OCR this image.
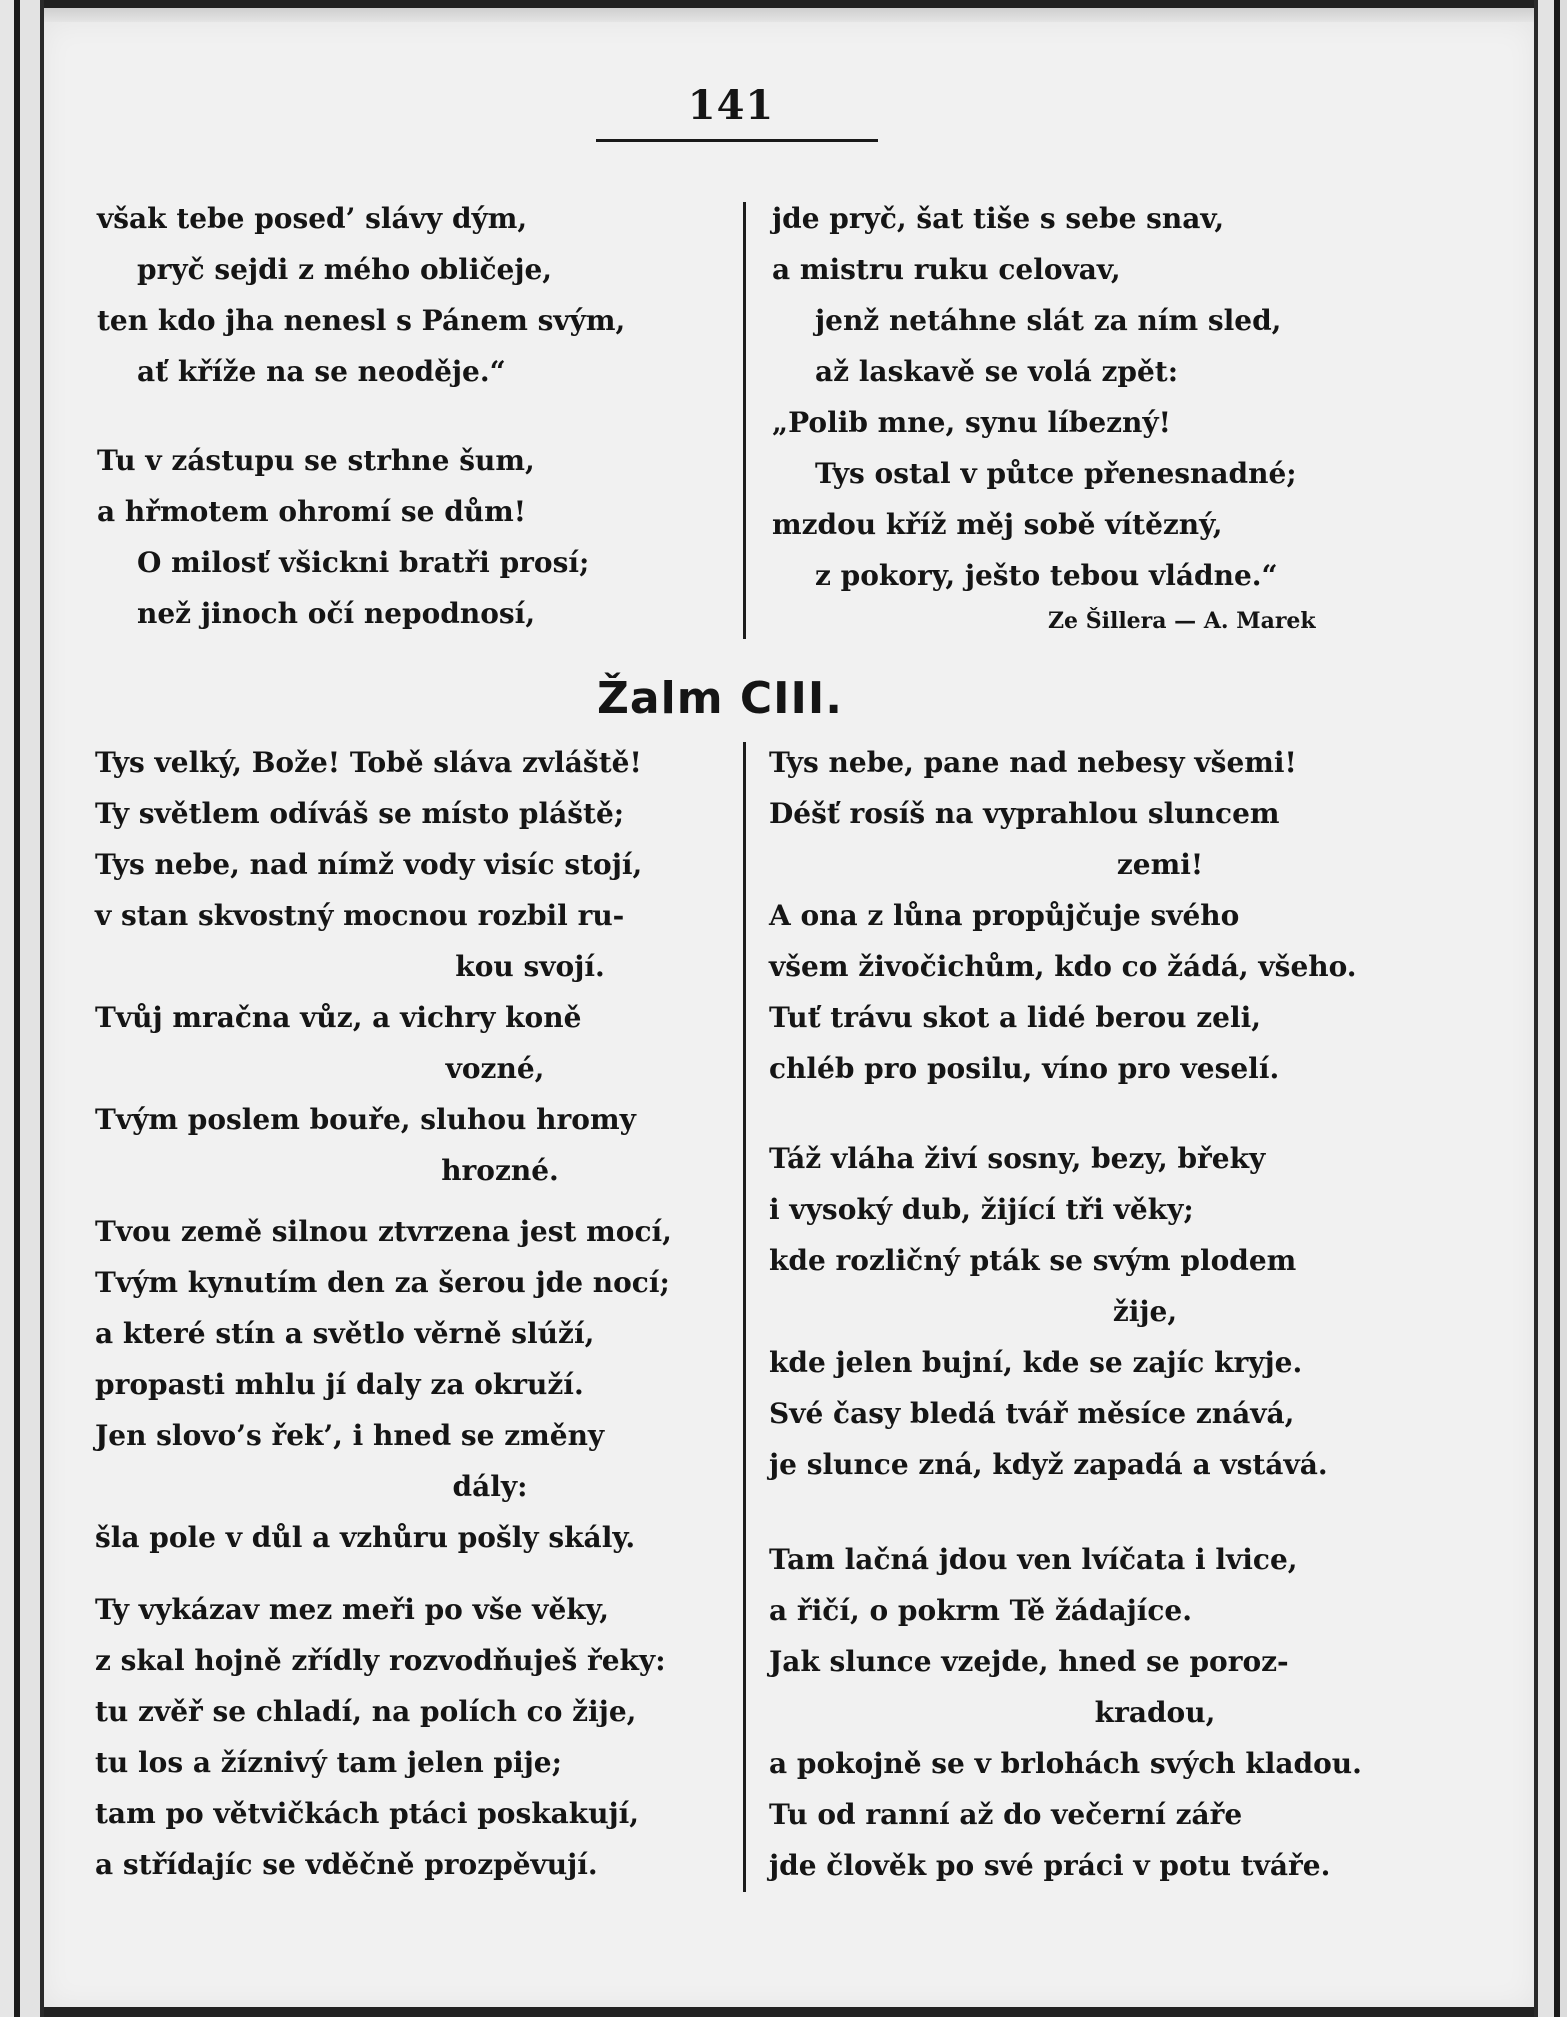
141

však tebe posed’ slávy dým,

pryč sejdi z mého obličeje,

ten kdo jha nenesl s Pánem svým,

ať kříže na se neoděje.“

Tu v zástupu se strhne šum,

a hřmotem ohromí se dům!

O milosť všickni bratři prosí;

než jinoch očí nepodnosí,

jde pryč, šat tiše s sebe snav,

a mistru ruku celovav,

jenž netáhne slát za ním sled,

až laskavě se volá zpět:

„Polib mne, synu líbezný!

Tys ostal v půtce přenesnadné;

mzdou kříž měj sobě vítězný,

z pokory, ješto tebou vládne.“

Ze Šillera — A. Marek
Žalm CIII.

Tys velký, Bože! Tobě sláva zvláště!

Ty světlem odíváš se místo pláště;

Tys nebe, nad nímž vody visíc stojí,

v stan skvostný mocnou rozbil ru-

kou svojí.

Tvůj mračna vůz, a vichry koně

vozné,

Tvým poslem bouře, sluhou hromy

hrozné.

Tvou země silnou ztvrzena jest mocí,

Tvým kynutím den za šerou jde nocí;

a které stín a světlo věrně slúží,

propasti mhlu jí daly za okruží.

Jen slovo’s řek’, i hned se změny

dály:

šla pole v důl a vzhůru pošly skály.

Ty vykázav mez meři po vše věky,

z skal hojně zřídly rozvodňuješ řeky:

tu zvěř se chladí, na polích co žije,

tu los a žíznivý tam jelen pije;

tam po větvičkách ptáci poskakují,

a střídajíc se vděčně prozpěvují.

Tys nebe, pane nad nebesy všemi!

Déšť rosíš na vyprahlou sluncem

zemi!

A ona z lůna propůjčuje svého

všem živočichům, kdo co žádá, všeho.

Tuť trávu skot a lidé berou zeli,

chléb pro posilu, víno pro veselí.

Táž vláha živí sosny, bezy, břeky

i vysoký dub, žijící tři věky;

kde rozličný pták se svým plodem

žije,

kde jelen bujní, kde se zajíc kryje.

Své časy bledá tvář měsíce znává,

je slunce zná, když zapadá a vstává.

Tam lačná jdou ven lvíčata i lvice,

a řičí, o pokrm Tě žádajíce.

Jak slunce vzejde, hned se poroz-

kradou,

a pokojně se v brlohách svých kladou.

Tu od ranní až do večerní záře

jde člověk po své práci v potu tváře.
